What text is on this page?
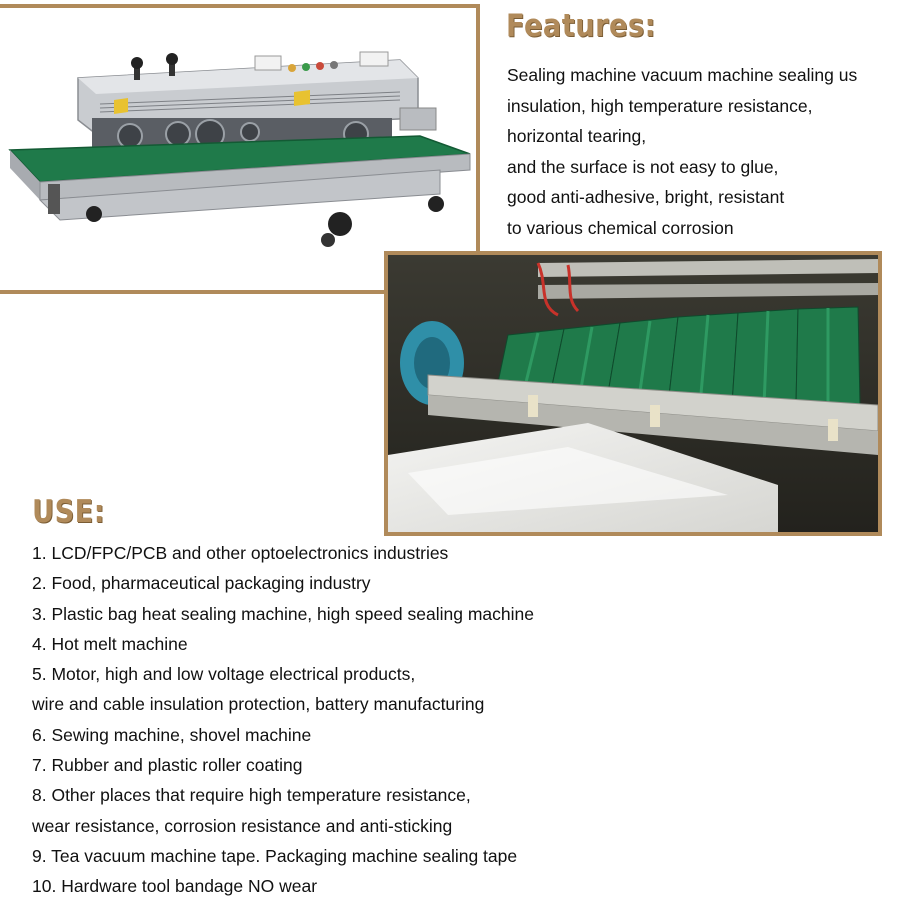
Features:
Sealing machine vacuum machine sealing us
insulation, high temperature resistance,
horizontal tearing,
and the surface is not easy to glue,
good anti-adhesive, bright, resistant
to various chemical corrosion
USE:
1. LCD/FPC/PCB and other optoelectronics industries
2. Food, pharmaceutical packaging industry
3. Plastic bag heat sealing machine, high speed sealing machine
4. Hot melt machine
5. Motor, high and low voltage electrical products,
wire and cable insulation protection, battery manufacturing
6. Sewing machine, shovel machine
7. Rubber and plastic roller coating
8. Other places that require high temperature resistance,
wear resistance, corrosion resistance and anti-sticking
9. Tea vacuum machine tape. Packaging machine sealing tape
10. Hardware tool bandage NO wear
